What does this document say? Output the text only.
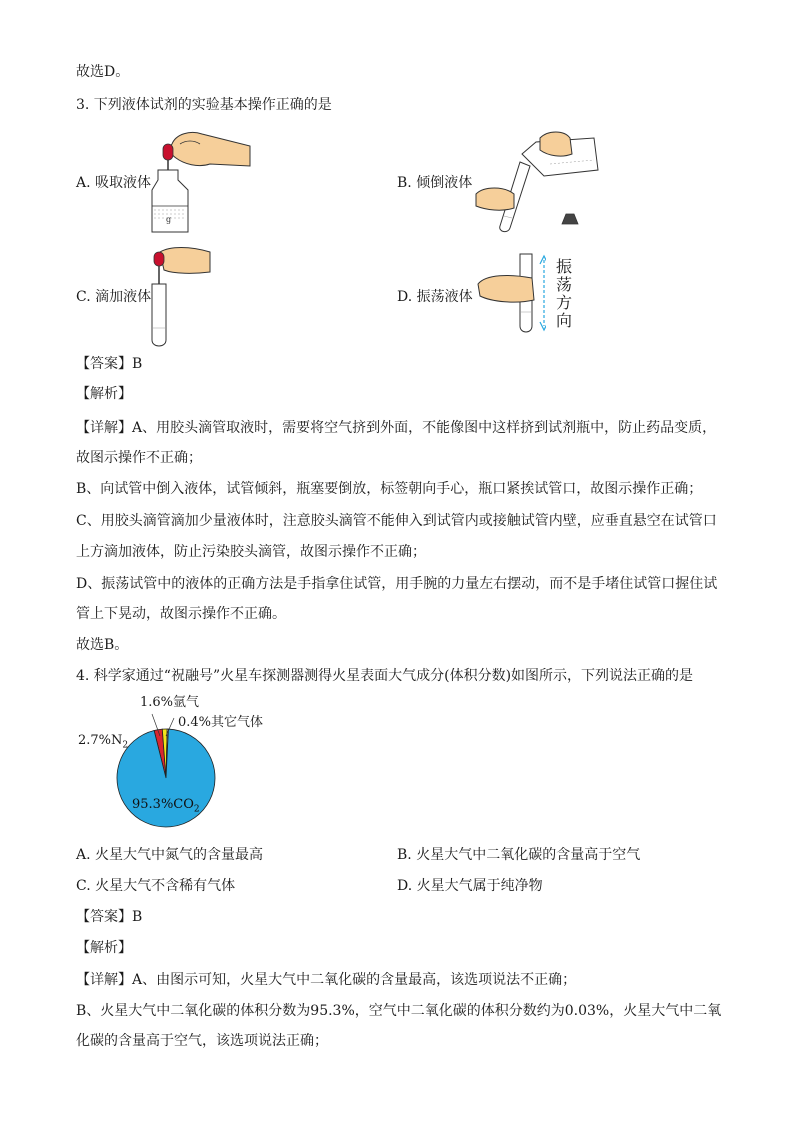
故选D。
3. 下列液体试剂的实验基本操作正确的是
A. 吸取液体
g
B. 倾倒液体
C. 滴加液体	D. 振荡液体
振
荡
方
向
【答案】B
【解析】
【详解】A、用胶头滴管取液时，需要将空气挤到外面，不能像图中这样挤到试剂瓶中，防止药品变质，
故图示操作不正确；
B、向试管中倒入液体，试管倾斜，瓶塞要倒放，标签朝向手心，瓶口紧挨试管口，故图示操作正确；
C、用胶头滴管滴加少量液体时，注意胶头滴管不能伸入到试管内或接触试管内壁，应垂直悬空在试管口
上方滴加液体，防止污染胶头滴管，故图示操作不正确；
D、振荡试管中的液体的正确方法是手指拿住试管，用手腕的力量左右摆动，而不是手堵住试管口握住试
管上下晃动，故图示操作不正确。
故选B。
4. 科学家通过“祝融号”火星车探测器测得火星表面大气成分(体积分数)如图所示，下列说法正确的是
1.6%氩气
0.4%其它气体
$2.7\%N_2$
$95.3\%CO_2$
A. 火星大气中氮气的含量最高	B. 火星大气中二氧化碳的含量高于空气
C. 火星大气不含稀有气体	D. 火星大气属于纯净物
【答案】B
【解析】
【详解】A、由图示可知，火星大气中二氧化碳的含量最高，该选项说法不正确；
B、火星大气中二氧化碳的体积分数为95.3%，空气中二氧化碳的体积分数约为0.03%，火星大气中二氧
化碳的含量高于空气，该选项说法正确；
